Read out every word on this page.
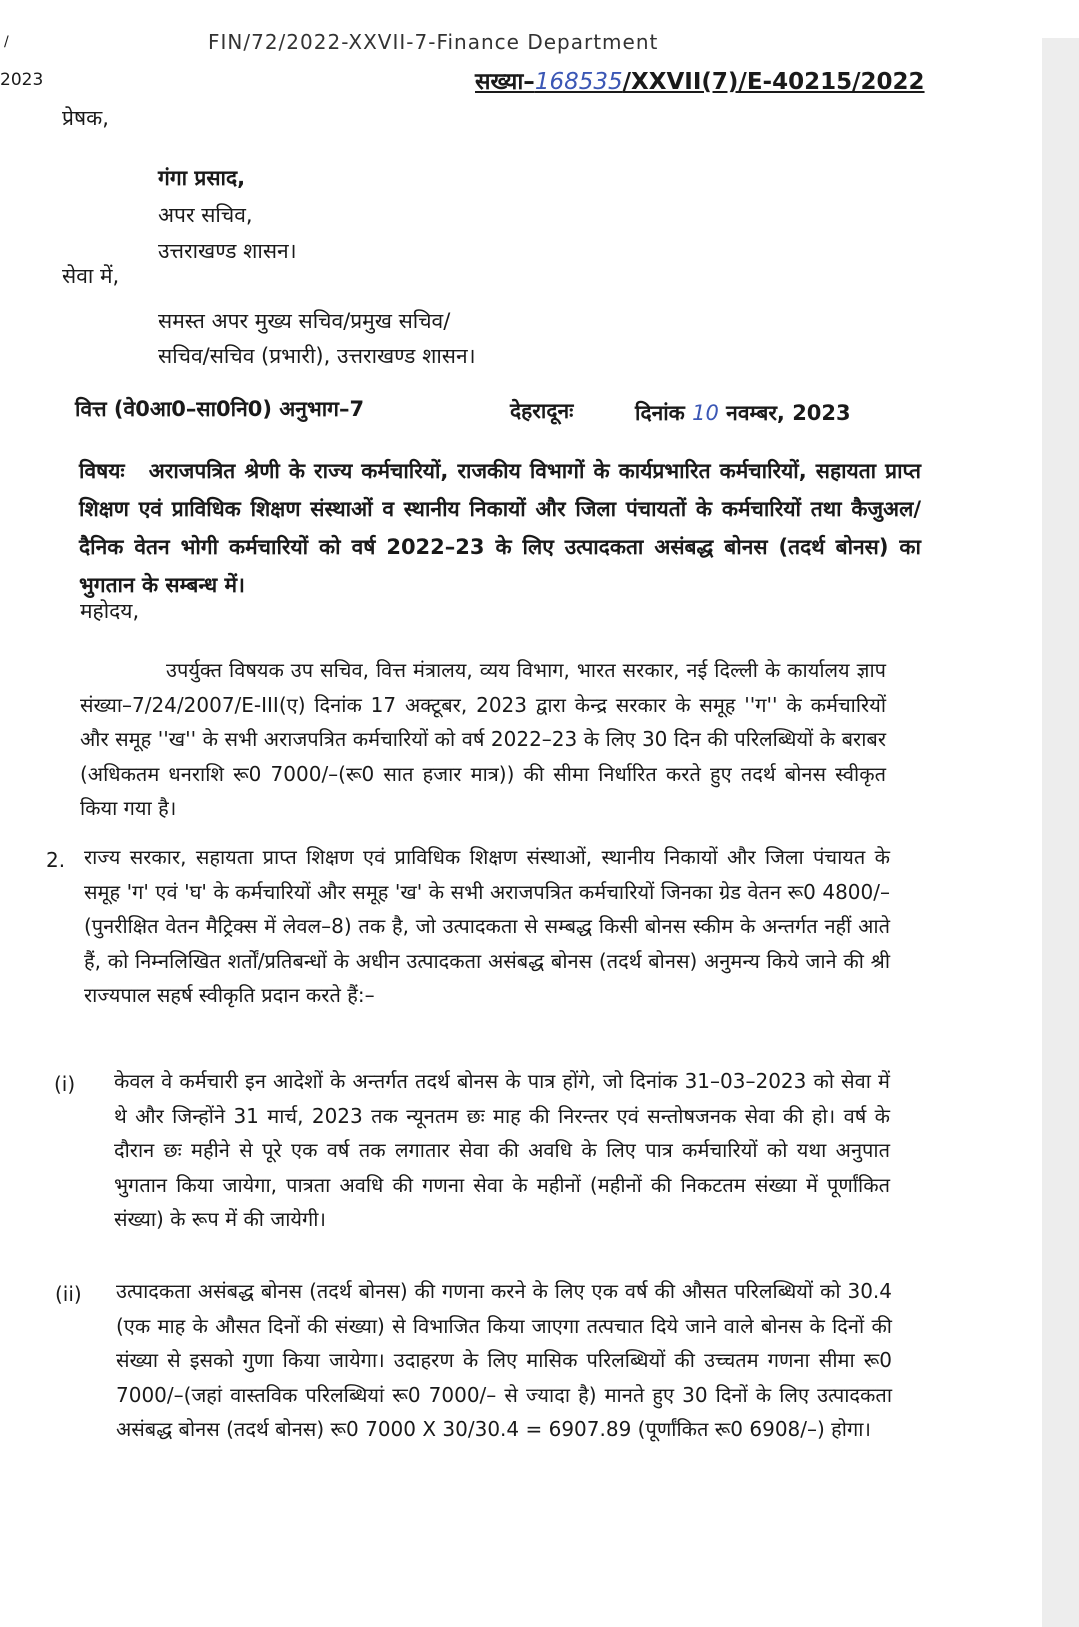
/
2023
FIN/72/2022-XXVII-7-Finance Department
सख्या–168535/XXVII(7)/E-40215/2022
प्रेषक,
गंगा प्रसाद,
अपर सचिव,
उत्तराखण्ड शासन।
सेवा में,
समस्त अपर मुख्य सचिव/प्रमुख सचिव/
सचिव/सचिव (प्रभारी), उत्तराखण्ड शासन।
वित्त (वे0आ0–सा0नि0) अनुभाग–7	देहरादूनः	दिनांक 10 नवम्बर, 2023
विषयः अराजपत्रित श्रेणी के राज्य कर्मचारियों, राजकीय विभागों के कार्यप्रभारित कर्मचारियों, सहायता प्राप्त शिक्षण एवं प्राविधिक शिक्षण संस्थाओं व स्थानीय निकायों और जिला पंचायतों के कर्मचारियों तथा कैजुअल/दैनिक वेतन भोगी कर्मचारियों को वर्ष 2022–23 के लिए उत्पादकता असंबद्ध बोनस (तदर्थ बोनस) का भुगतान के सम्बन्ध में।
महोदय,
उपर्युक्त विषयक उप सचिव, वित्त मंत्रालय, व्यय विभाग, भारत सरकार, नई दिल्ली के कार्यालय ज्ञाप संख्या–7/24/2007/E-III(ए) दिनांक 17 अक्टूबर, 2023 द्वारा केन्द्र सरकार के समूह ''ग'' के कर्मचारियों और समूह ''ख'' के सभी अराजपत्रित कर्मचारियों को वर्ष 2022–23 के लिए 30 दिन की परिलब्धियों के बराबर (अधिकतम धनराशि रू0 7000/–(रू0 सात हजार मात्र)) की सीमा निर्धारित करते हुए तदर्थ बोनस स्वीकृत किया गया है।
2. राज्य सरकार, सहायता प्राप्त शिक्षण एवं प्राविधिक शिक्षण संस्थाओं, स्थानीय निकायों और जिला पंचायत के समूह 'ग' एवं 'घ' के कर्मचारियों और समूह 'ख' के सभी अराजपत्रित कर्मचारियों जिनका ग्रेड वेतन रू0 4800/– (पुनरीक्षित वेतन मैट्रिक्स में लेवल–8) तक है, जो उत्पादकता से सम्बद्ध किसी बोनस स्कीम के अन्तर्गत नहीं आते हैं, को निम्नलिखित शर्तों/प्रतिबन्धों के अधीन उत्पादकता असंबद्ध बोनस (तदर्थ बोनस) अनुमन्य किये जाने की श्री राज्यपाल सहर्ष स्वीकृति प्रदान करते हैं:–
(i) केवल वे कर्मचारी इन आदेशों के अन्तर्गत तदर्थ बोनस के पात्र होंगे, जो दिनांक 31–03–2023 को सेवा में थे और जिन्होंने 31 मार्च, 2023 तक न्यूनतम छः माह की निरन्तर एवं सन्तोषजनक सेवा की हो। वर्ष के दौरान छः महीने से पूरे एक वर्ष तक लगातार सेवा की अवधि के लिए पात्र कर्मचारियों को यथा अनुपात भुगतान किया जायेगा, पात्रता अवधि की गणना सेवा के महीनों (महीनों की निकटतम संख्या में पूर्णांकित संख्या) के रूप में की जायेगी।
(ii) उत्पादकता असंबद्ध बोनस (तदर्थ बोनस) की गणना करने के लिए एक वर्ष की औसत परिलब्धियों को 30.4 (एक माह के औसत दिनों की संख्या) से विभाजित किया जाएगा तत्पचात दिये जाने वाले बोनस के दिनों की संख्या से इसको गुणा किया जायेगा। उदाहरण के लिए मासिक परिलब्धियों की उच्चतम गणना सीमा रू0 7000/–(जहां वास्तविक परिलब्धियां रू0 7000/– से ज्यादा है) मानते हुए 30 दिनों के लिए उत्पादकता असंबद्ध बोनस (तदर्थ बोनस) रू0 7000 X 30/30.4 = 6907.89 (पूर्णांकित रू0 6908/–) होगा।
